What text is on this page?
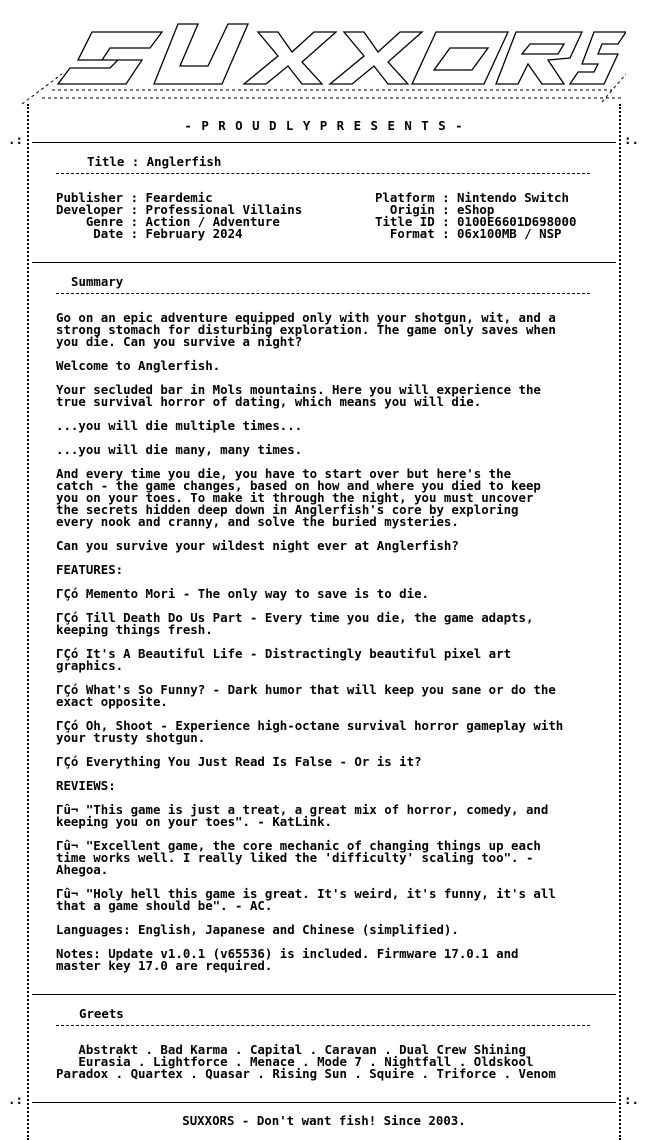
.:	:.
.:	:.
- P R O U D L Y P R E S E N T S -
Title : Anglerfish
Publisher : Feardemic
Developer : Professional Villains
Genre : Action / Adventure
Date : February 2024
Platform : Nintendo Switch
Origin : eShop
Title ID : 0100E6601D698000
Format : 06x100MB / NSP
Summary
Go on an epic adventure equipped only with your shotgun, wit, and a
strong stomach for disturbing exploration. The game only saves when
you die. Can you survive a night?
Welcome to Anglerfish.
Your secluded bar in Mols mountains. Here you will experience the
true survival horror of dating, which means you will die.
...you will die multiple times...
...you will die many, many times.
And every time you die, you have to start over but here's the
catch - the game changes, based on how and where you died to keep
you on your toes. To make it through the night, you must uncover
the secrets hidden deep down in Anglerfish's core by exploring
every nook and cranny, and solve the buried mysteries.
Can you survive your wildest night ever at Anglerfish?
FEATURES:
ΓÇó Memento Mori - The only way to save is to die.
ΓÇó Till Death Do Us Part - Every time you die, the game adapts,
keeping things fresh.
ΓÇó It's A Beautiful Life - Distractingly beautiful pixel art
graphics.
ΓÇó What's So Funny? - Dark humor that will keep you sane or do the
exact opposite.
ΓÇó Oh, Shoot - Experience high-octane survival horror gameplay with
your trusty shotgun.
ΓÇó Everything You Just Read Is False - Or is it?
REVIEWS:
Γû¬ "This game is just a treat, a great mix of horror, comedy, and
keeping you on your toes". - KatLink.
Γû¬ "Excellent game, the core mechanic of changing things up each
time works well. I really liked the 'difficulty' scaling too". -
Ahegoa.
Γû¬ "Holy hell this game is great. It's weird, it's funny, it's all
that a game should be". - AC.
Languages: English, Japanese and Chinese (simplified).
Notes: Update v1.0.1 (v65536) is included. Firmware 17.0.1 and
master key 17.0 are required.
Greets
Abstrakt . Bad Karma . Capital . Caravan . Dual Crew Shining
Eurasia . Lightforce . Menace . Mode 7 . Nightfall . Oldskool
Paradox . Quartex . Quasar . Rising Sun . Squire . Triforce . Venom
SUXXORS - Don't want fish! Since 2003.
